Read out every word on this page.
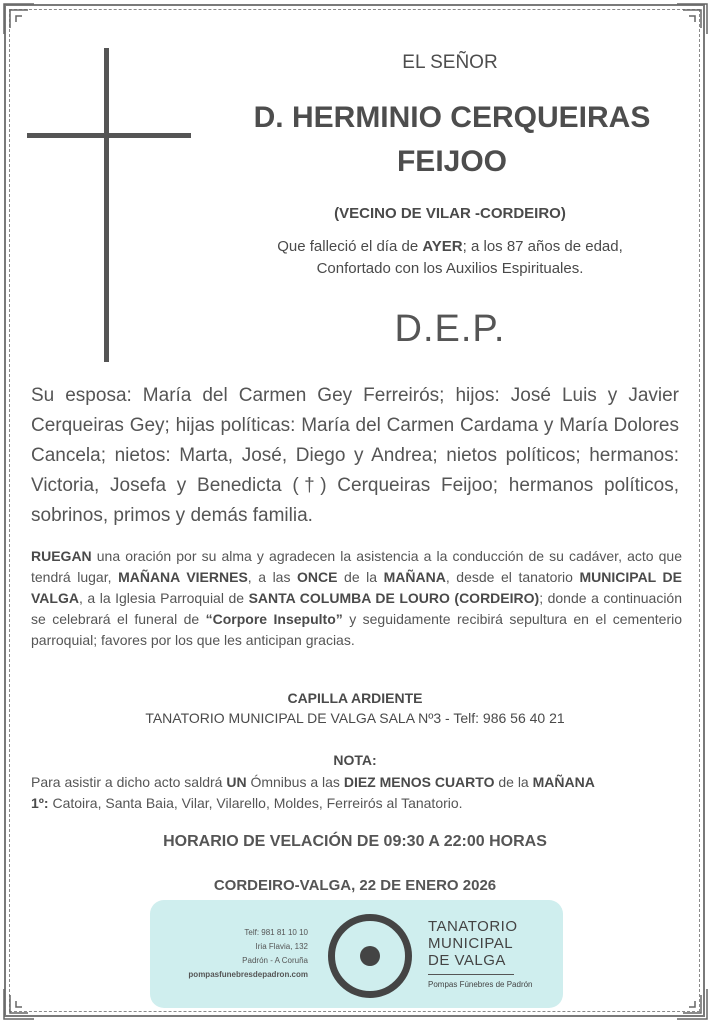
EL SEÑOR
D. HERMINIO CERQUEIRAS
FEIJOO
(VECINO DE VILAR -CORDEIRO)
Que falleció el día de AYER; a los 87 años de edad,
Confortado con los Auxilios Espirituales.
D.E.P.
Su esposa: María del Carmen Gey Ferreirós; hijos: José Luis y Javier Cerqueiras Gey; hijas políticas: María del Carmen Cardama y María Dolores Cancela; nietos: Marta, José, Diego y Andrea; nietos políticos; hermanos: Victoria, Josefa y Benedicta (†) Cerqueiras Feijoo; hermanos políticos, sobrinos, primos y demás familia.
RUEGAN una oración por su alma y agradecen la asistencia a la conducción de su cadáver, acto que tendrá lugar, MAÑANA VIERNES, a las ONCE de la MAÑANA, desde el tanatorio MUNICIPAL DE VALGA, a la Iglesia Parroquial de SANTA COLUMBA DE LOURO (CORDEIRO); donde a continuación se celebrará el funeral de “Corpore Insepulto” y seguidamente recibirá sepultura en el cementerio parroquial; favores por los que les anticipan gracias.
CAPILLA ARDIENTE
TANATORIO MUNICIPAL DE VALGA SALA Nº3 - Telf: 986 56 40 21
NOTA:
Para asistir a dicho acto saldrá UN Ómnibus a las DIEZ MENOS CUARTO de la MAÑANA
1º: Catoira, Santa Baia, Vilar, Vilarello, Moldes, Ferreirós al Tanatorio.
HORARIO DE VELACIÓN DE 09:30 A 22:00 HORAS
CORDEIRO-VALGA, 22 DE ENERO 2026
Telf: 981 81 10 10
Iria Flavia, 132
Padrón - A Coruña
pompasfunebresdepadron.com
TANATORIO
MUNICIPAL
DE VALGA
Pompas Fúnebres de Padrón
